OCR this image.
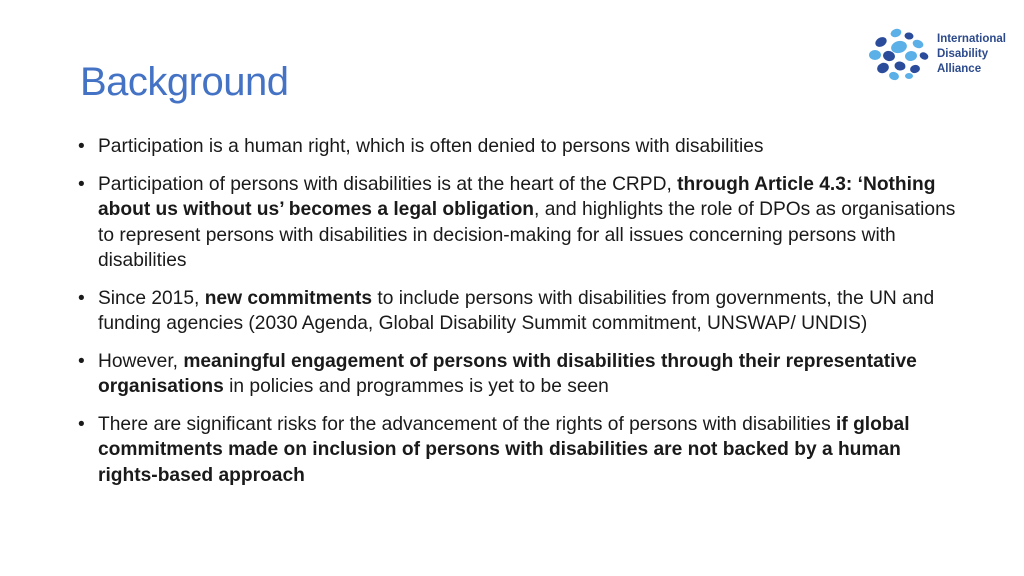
Background
International
Disability
Alliance
• Participation is a human right, which is often denied to persons with disabilities
• Participation of persons with disabilities is at the heart of the CRPD, through Article 4.3: ‘Nothing about us without us’ becomes a legal obligation, and highlights the role of DPOs as organisations to represent persons with disabilities in decision-making for all issues concerning persons with disabilities
• Since 2015, new commitments to include persons with disabilities from governments, the UN and funding agencies (2030 Agenda, Global Disability Summit commitment, UNSWAP/ UNDIS)
• However, meaningful engagement of persons with disabilities through their representative organisations in policies and programmes is yet to be seen
• There are significant risks for the advancement of the rights of persons with disabilities if global commitments made on inclusion of persons with disabilities are not backed by a human rights-based approach
